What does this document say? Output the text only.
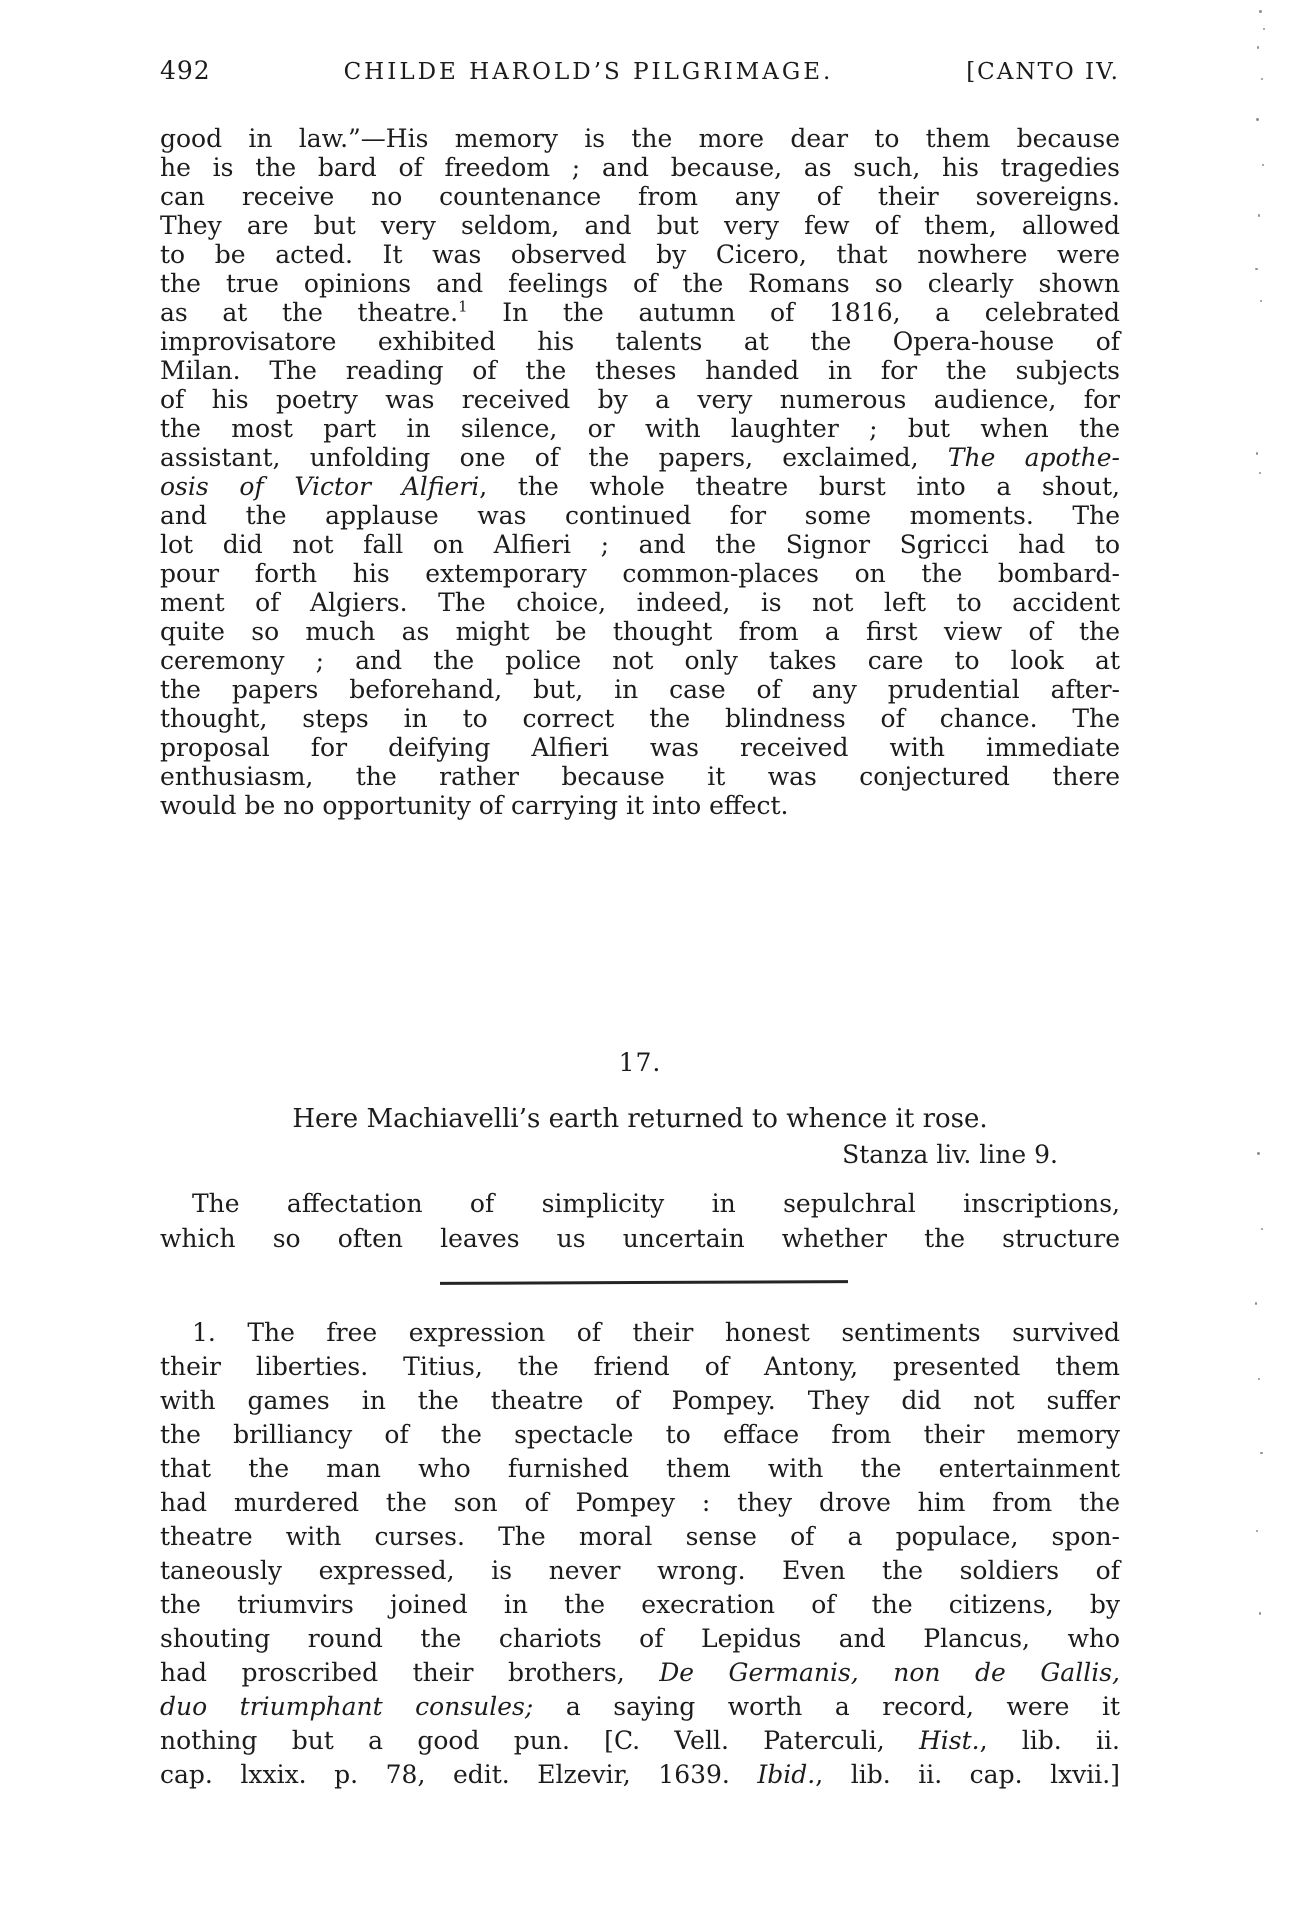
492	CHILDE HAROLD’S PILGRIMAGE.	[CANTO IV.
good in law.”—His memory is the more dear to them because
he is the bard of freedom ; and because, as such, his tragedies
can receive no countenance from any of their sovereigns.
They are but very seldom, and but very few of them, allowed
to be acted. It was observed by Cicero, that nowhere were
the true opinions and feelings of the Romans so clearly shown
as at the theatre.$^1$ In the autumn of 1816, a celebrated
improvisatore exhibited his talents at the Opera-house of
Milan. The reading of the theses handed in for the subjects
of his poetry was received by a very numerous audience, for
the most part in silence, or with laughter ; but when the
assistant, unfolding one of the papers, exclaimed, The apothe-
osis of Victor Alfieri, the whole theatre burst into a shout,
and the applause was continued for some moments. The
lot did not fall on Alfieri ; and the Signor Sgricci had to
pour forth his extemporary common-places on the bombard-
ment of Algiers. The choice, indeed, is not left to accident
quite so much as might be thought from a first view of the
ceremony ; and the police not only takes care to look at
the papers beforehand, but, in case of any prudential after-
thought, steps in to correct the blindness of chance. The
proposal for deifying Alfieri was received with immediate
enthusiasm, the rather because it was conjectured there
would be no opportunity of carrying it into effect.
17.
Here Machiavelli’s earth returned to whence it rose.
Stanza liv. line 9.
The affectation of simplicity in sepulchral inscriptions,
which so often leaves us uncertain whether the structure
1. The free expression of their honest sentiments survived
their liberties. Titius, the friend of Antony, presented them
with games in the theatre of Pompey. They did not suffer
the brilliancy of the spectacle to efface from their memory
that the man who furnished them with the entertainment
had murdered the son of Pompey : they drove him from the
theatre with curses. The moral sense of a populace, spon-
taneously expressed, is never wrong. Even the soldiers of
the triumvirs joined in the execration of the citizens, by
shouting round the chariots of Lepidus and Plancus, who
had proscribed their brothers, De Germanis, non de Gallis,
duo triumphant consules; a saying worth a record, were it
nothing but a good pun. [C. Vell. Paterculi, Hist., lib. ii.
cap. lxxix. p. 78, edit. Elzevir, 1639. Ibid., lib. ii. cap. lxvii.]
